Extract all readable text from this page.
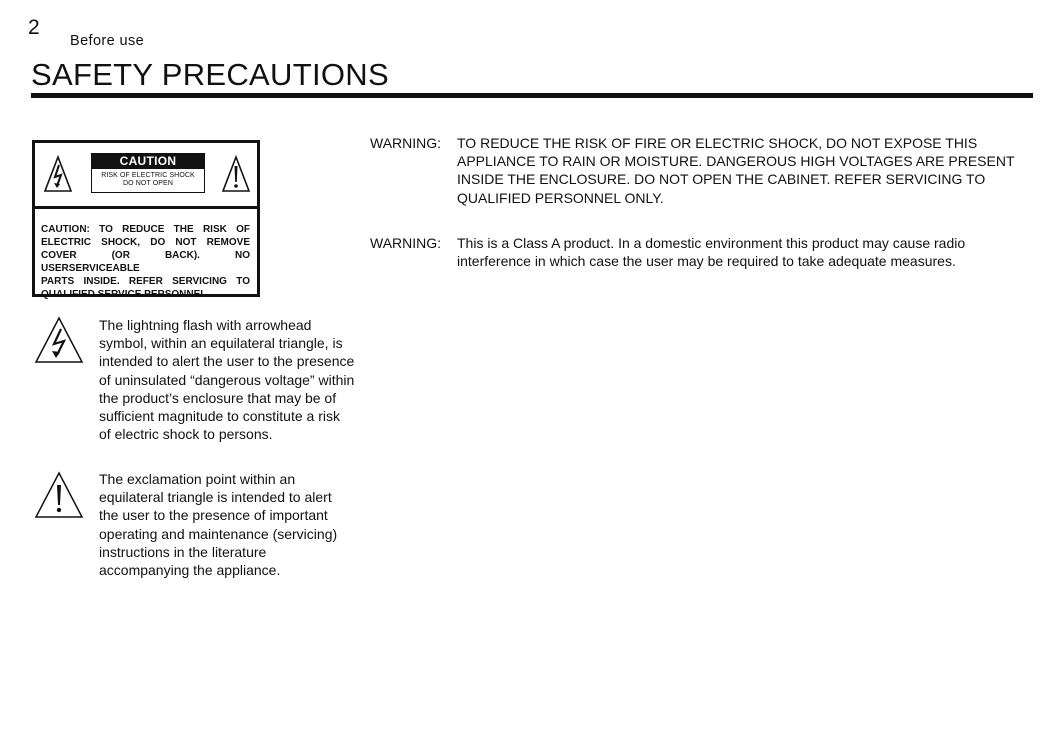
2
Before use
SAFETY PRECAUTIONS
CAUTION
RISK OF ELECTRIC SHOCK
DO NOT OPEN
CAUTION: TO REDUCE THE RISK OF
ELECTRIC SHOCK, DO NOT REMOVE
COVER (OR BACK). NO USERSERVICEABLE
PARTS INSIDE. REFER SERVICING TO
QUALIFIED SERVICE PERSONNEL.

The lightning flash with arrowhead symbol, within an equilateral triangle, is intended to alert the user to the presence of uninsulated “dangerous voltage” within the product’s enclosure that may be of sufficient magnitude to constitute a risk of electric shock to persons.

The exclamation point within an equilateral triangle is intended to alert the user to the presence of important operating and maintenance (servicing) instructions in the literature accompanying the appliance.

WARNING: TO REDUCE THE RISK OF FIRE OR ELECTRIC SHOCK, DO NOT EXPOSE THIS APPLIANCE TO RAIN OR MOISTURE. DANGEROUS HIGH VOLTAGES ARE PRESENT INSIDE THE ENCLOSURE. DO NOT OPEN THE CABINET. REFER SERVICING TO QUALIFIED PERSONNEL ONLY.
WARNING: This is a Class A product. In a domestic environment this product may cause radio interference in which case the user may be required to take adequate measures.
